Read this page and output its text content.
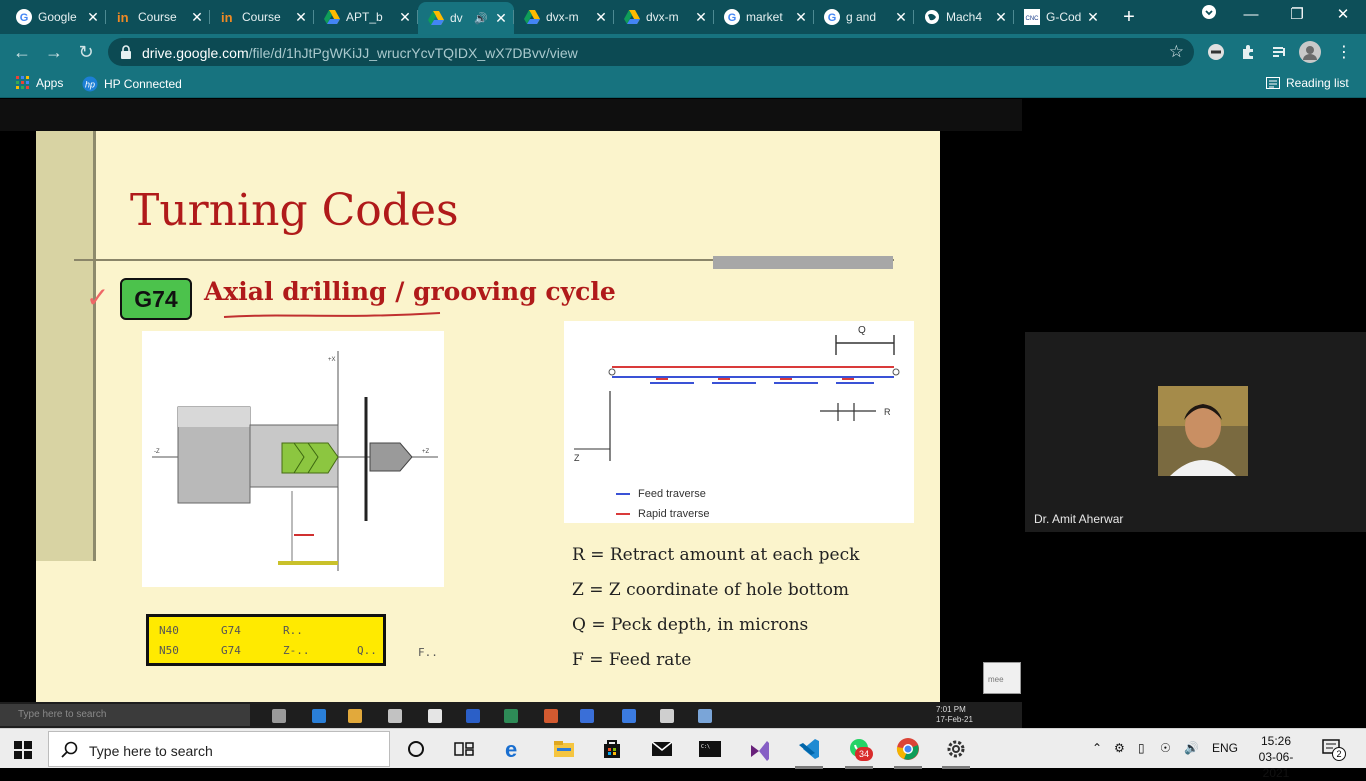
G Google ✕ in Course	✕ in Course	✕	APT_b	✕	dv	🔊 ✕	dvx-m	✕	dvx-m	✕ G market ✕ G g and	✕	Mach4 ✕	CNC G-Cod ✕ +	—	❐	✕
← → ↻	drive.google.com/file/d/1hJtPgWKiJJ_wrucrYcvTQIDX_wX7DBvv/view	☆	⋮
Apps hp HP Connected	Reading list
Turning Codes
✓	G74	Axial drilling / grooving cycle
+X
-Z	+Z
Q
R
Z
Feed traverse
Rapid traverse
R = Retract amount at each peck
Z = Z coordinate of hole bottom
Q = Peck depth, in microns
F = Feed rate
N40	G74	R..
N50	G74	Z-..	Q..	F..
mee
Type here to search	7:01 PM
17-Feb-21
Dr. Amit Aherwar
Type here to search	e	C:\
34	⌃ ⚙ ▯ ☉ 🔊 ENG	15:26
03-06-2021
2
